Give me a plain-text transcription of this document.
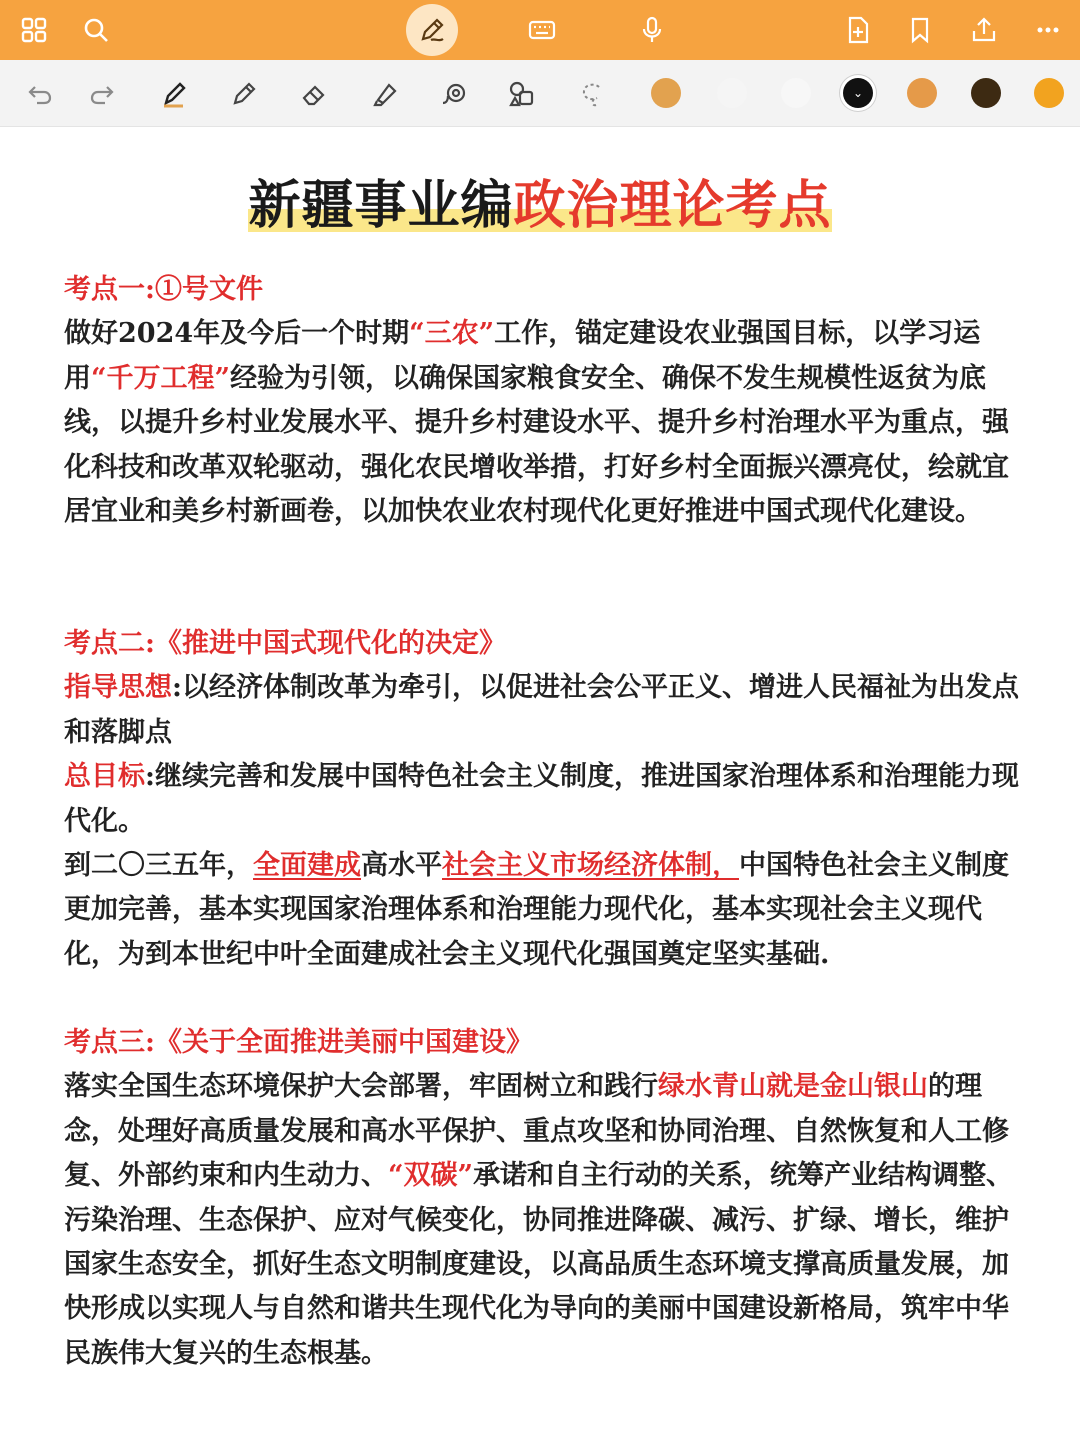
⌄
新疆事业编政治理论考点

考点一:①号文件

做好2024年及今后一个时期“三农”工作，锚定建设农业强国目标，以学习运用“千万工程”经验为引领，以确保国家粮食安全、确保不发生规模性返贫为底线，以提升乡村业发展水平、提升乡村建设水平、提升乡村治理水平为重点，强化科技和改革双轮驱动，强化农民增收举措，打好乡村全面振兴漂亮仗，绘就宜居宜业和美乡村新画卷，以加快农业农村现代化更好推进中国式现代化建设。

考点二:《推进中国式现代化的决定》

指导思想:以经济体制改革为牵引，以促进社会公平正义、增进人民福祉为出发点和落脚点

总目标:继续完善和发展中国特色社会主义制度，推进国家治理体系和治理能力现代化。

到二〇三五年，全面建成高水平社会主义市场经济体制，中国特色社会主义制度更加完善，基本实现国家治理体系和治理能力现代化，基本实现社会主义现代化，为到本世纪中叶全面建成社会主义现代化强国奠定坚实基础.

考点三:《关于全面推进美丽中国建设》

落实全国生态环境保护大会部署，牢固树立和践行绿水青山就是金山银山的理念，处理好高质量发展和高水平保护、重点攻坚和协同治理、自然恢复和人工修复、外部约束和内生动力、“双碳”承诺和自主行动的关系，统筹产业结构调整、污染治理、生态保护、应对气候变化，协同推进降碳、减污、扩绿、增长，维护国家生态安全，抓好生态文明制度建设，以高品质生态环境支撑高质量发展，加快形成以实现人与自然和谐共生现代化为导向的美丽中国建设新格局，筑牢中华民族伟大复兴的生态根基。
